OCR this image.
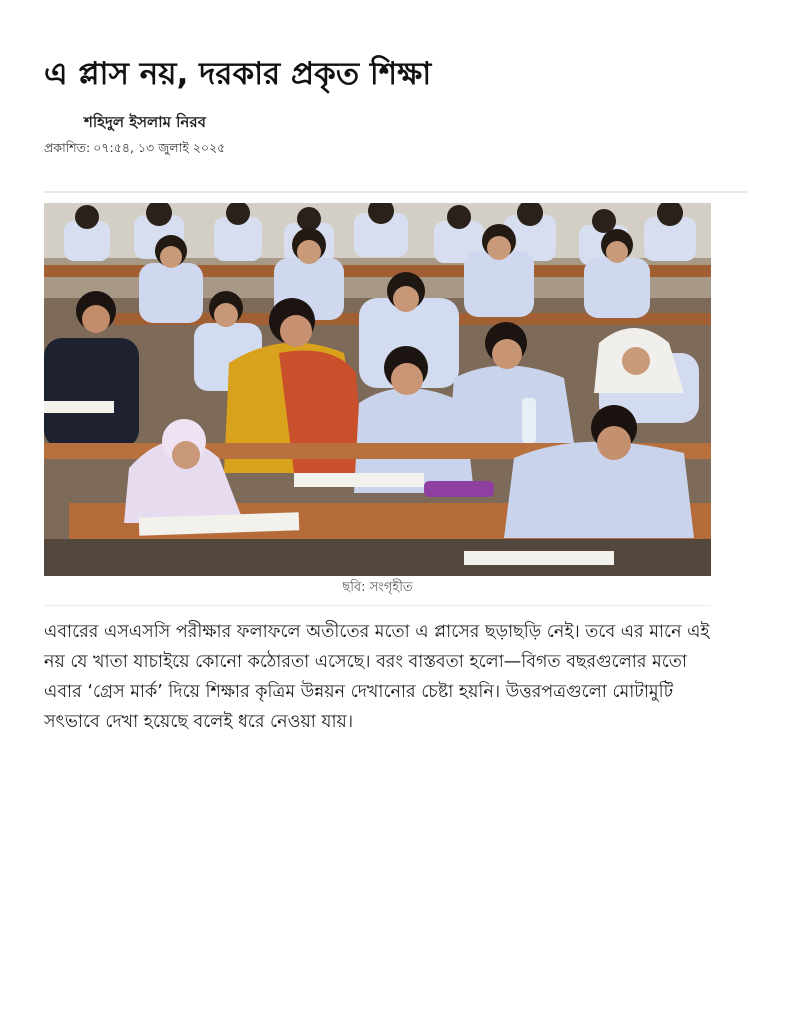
এ প্লাস নয়, দরকার প্রকৃত শিক্ষা
শহিদুল ইসলাম নিরব
প্রকাশিত: ০৭:৫৪, ১৩ জুলাই ২০২৫
ছবি: সংগৃহীত

এবারের এসএসসি পরীক্ষার ফলাফলে অতীতের মতো এ প্লাসের ছড়াছড়ি নেই। তবে এর মানে এই নয় যে খাতা যাচাইয়ে কোনো কঠোরতা এসেছে। বরং বাস্তবতা হলো—বিগত বছরগুলোর মতো এবার ‘গ্রেস মার্ক’ দিয়ে শিক্ষার কৃত্রিম উন্নয়ন দেখানোর চেষ্টা হয়নি। উত্তরপত্রগুলো মোটামুটি সৎভাবে দেখা হয়েছে বলেই ধরে নেওয়া যায়।
